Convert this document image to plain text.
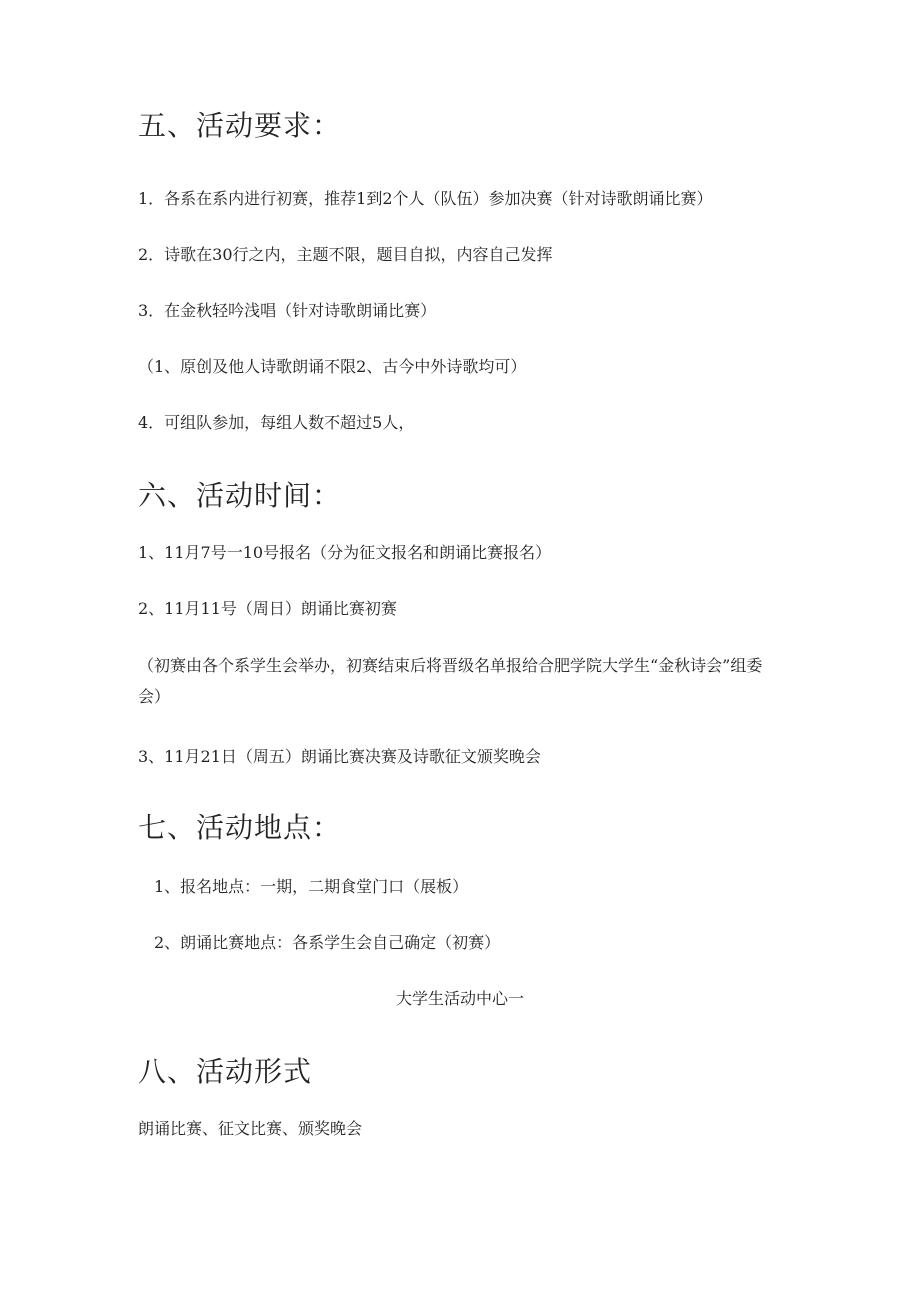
五、活动要求：
1．各系在系内进行初赛，推荐1到2个人（队伍）参加决赛（针对诗歌朗诵比赛）
2．诗歌在30行之内，主题不限，题目自拟，内容自己发挥
3．在金秋轻吟浅唱（针对诗歌朗诵比赛）
（1、原创及他人诗歌朗诵不限2、古今中外诗歌均可）
4．可组队参加，每组人数不超过5人，
六、活动时间：
1、11月7号一10号报名（分为征文报名和朗诵比赛报名）
2、11月11号（周日）朗诵比赛初赛
（初赛由各个系学生会举办，初赛结束后将晋级名单报给合肥学院大学生“金秋诗会”组委会）
3、11月21日（周五）朗诵比赛决赛及诗歌征文颁奖晚会
七、活动地点：
1、报名地点：一期，二期食堂门口（展板）
2、朗诵比赛地点：各系学生会自己确定（初赛）
大学生活动中心一
八、活动形式
朗诵比赛、征文比赛、颁奖晚会
